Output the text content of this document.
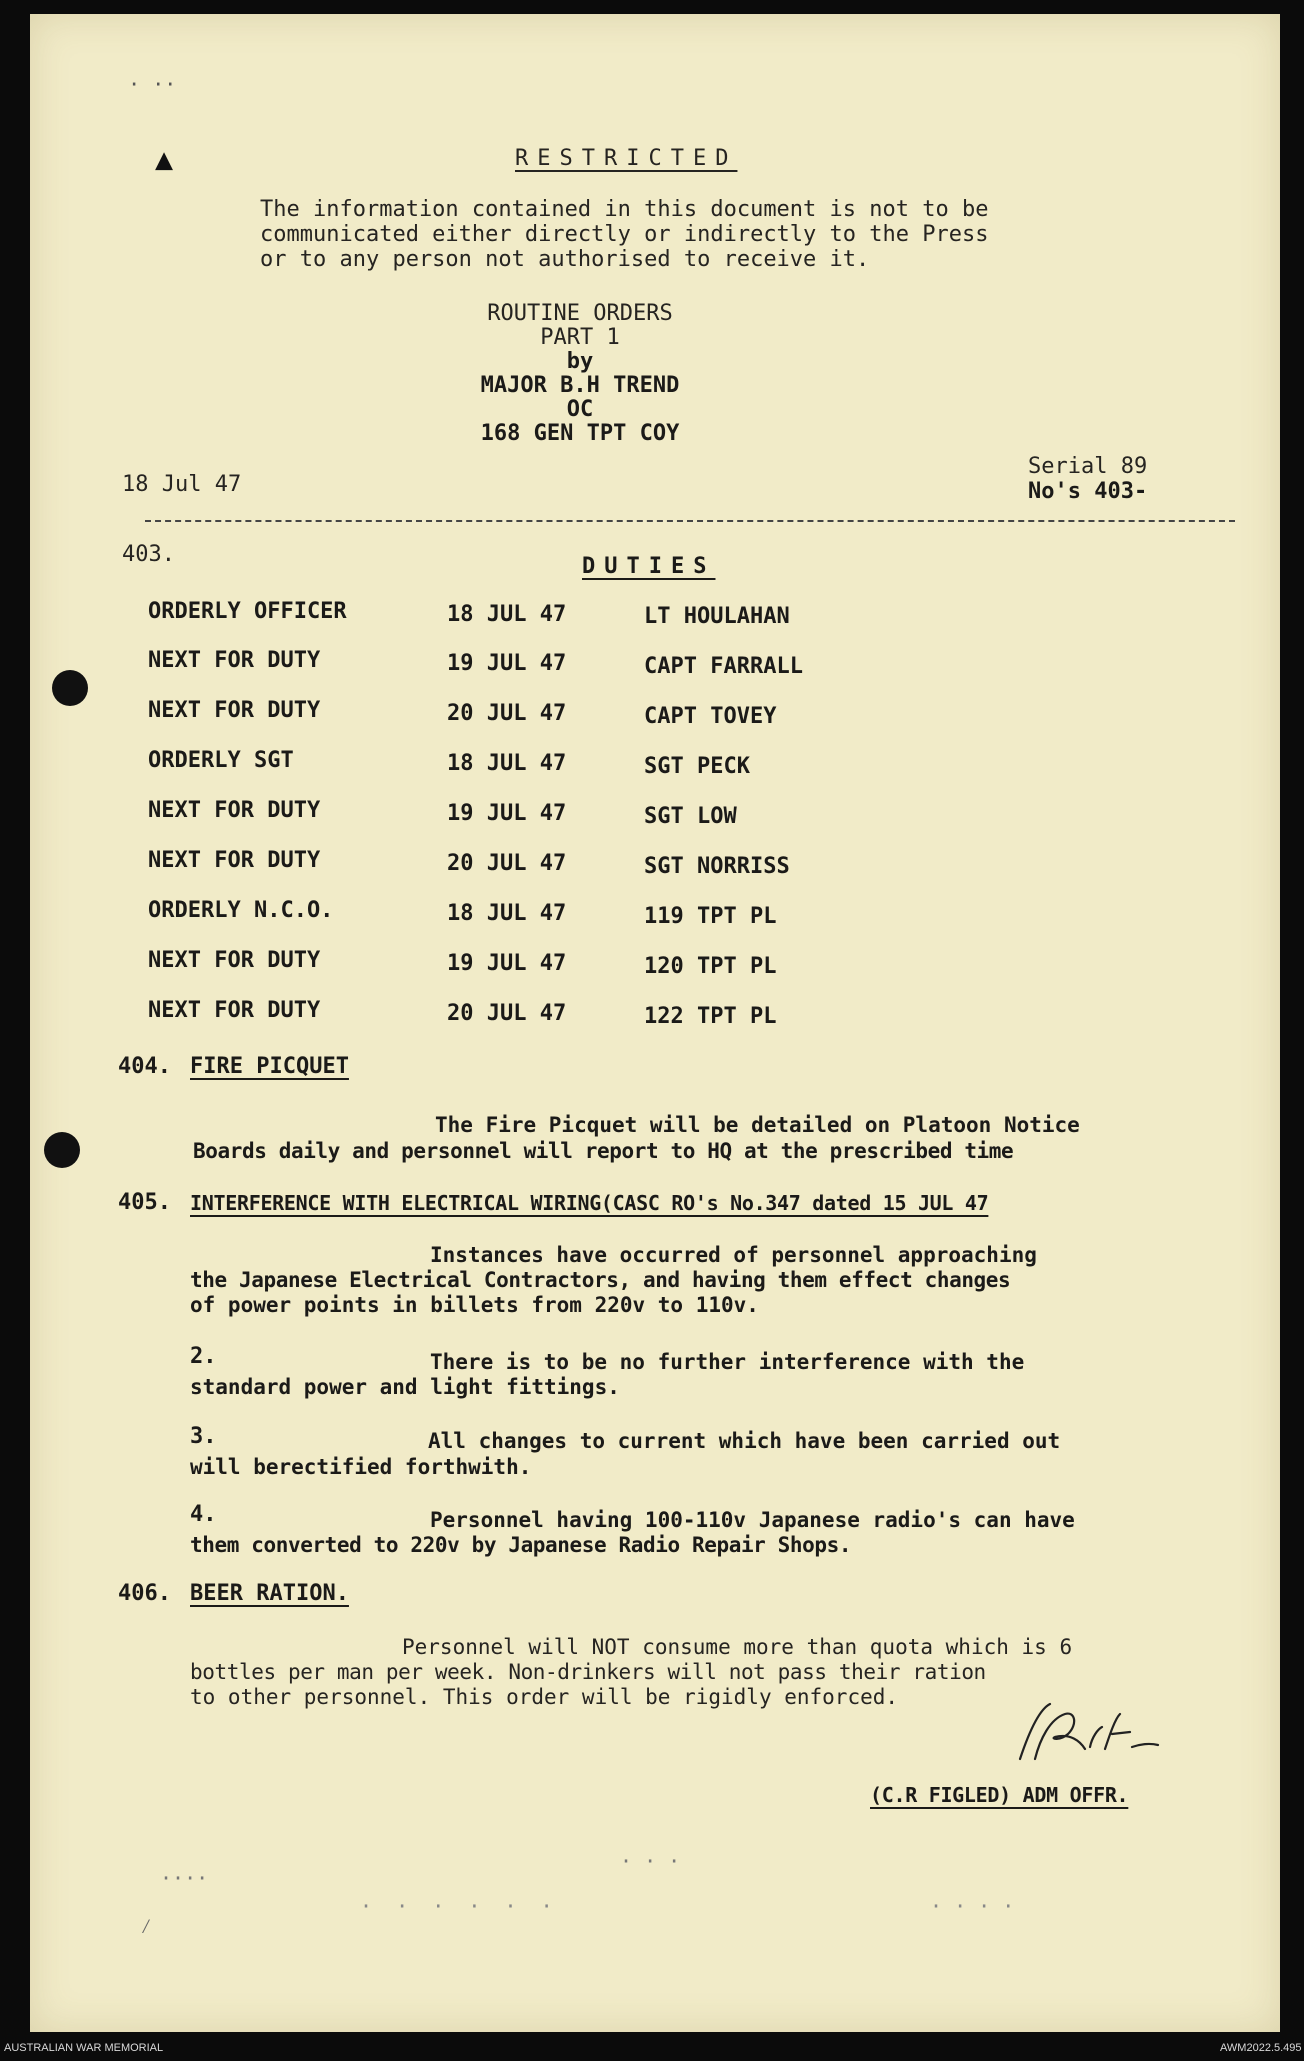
⋅ ⋅⋅
▲	RESTRICTED
The information contained in this document is not to be
communicated either directly or indirectly to the Press
or to any person not authorised to receive it.
ROUTINE ORDERS
PART 1
by
MAJOR B.H TREND
OC
168 GEN TPT COY
18 Jul 47
Serial 89
No's 403-
403.	DUTIES
ORDERLY OFFICER	18 JUL 47	LT HOULAHAN
NEXT FOR DUTY	19 JUL 47	CAPT FARRALL
NEXT FOR DUTY	20 JUL 47	CAPT TOVEY
ORDERLY SGT	18 JUL 47	SGT PECK
NEXT FOR DUTY	19 JUL 47	SGT LOW
NEXT FOR DUTY	20 JUL 47	SGT NORRISS
ORDERLY N.C.O.	18 JUL 47	119 TPT PL
NEXT FOR DUTY	19 JUL 47	120 TPT PL
NEXT FOR DUTY	20 JUL 47	122 TPT PL
404. FIRE PICQUET
The Fire Picquet will be detailed on Platoon Notice
Boards daily and personnel will report to HQ at the prescribed time
405. INTERFERENCE WITH ELECTRICAL WIRING(CASC RO's No.347 dated 15 JUL 47
Instances have occurred of personnel approaching
the Japanese Electrical Contractors, and having them effect changes
of power points in billets from 220v to 110v.
2.	There is to be no further interference with the
standard power and light fittings.
3.	All changes to current which have been carried out
will berectified forthwith.
4.	Personnel having 100-110v Japanese radio's can have
them converted to 220v by Japanese Radio Repair Shops.
406. BEER RATION.
Personnel will NOT consume more than quota which is 6
bottles per man per week. Non-drinkers will not pass their ration
to other personnel. This order will be rigidly enforced.
(C.R FIGLED) ADM OFFR.
····
· · ·
·  ·  ·  ·  ·  ·	· · · ·
⁄
AUSTRALIAN WAR MEMORIAL	AWM2022.5.495
